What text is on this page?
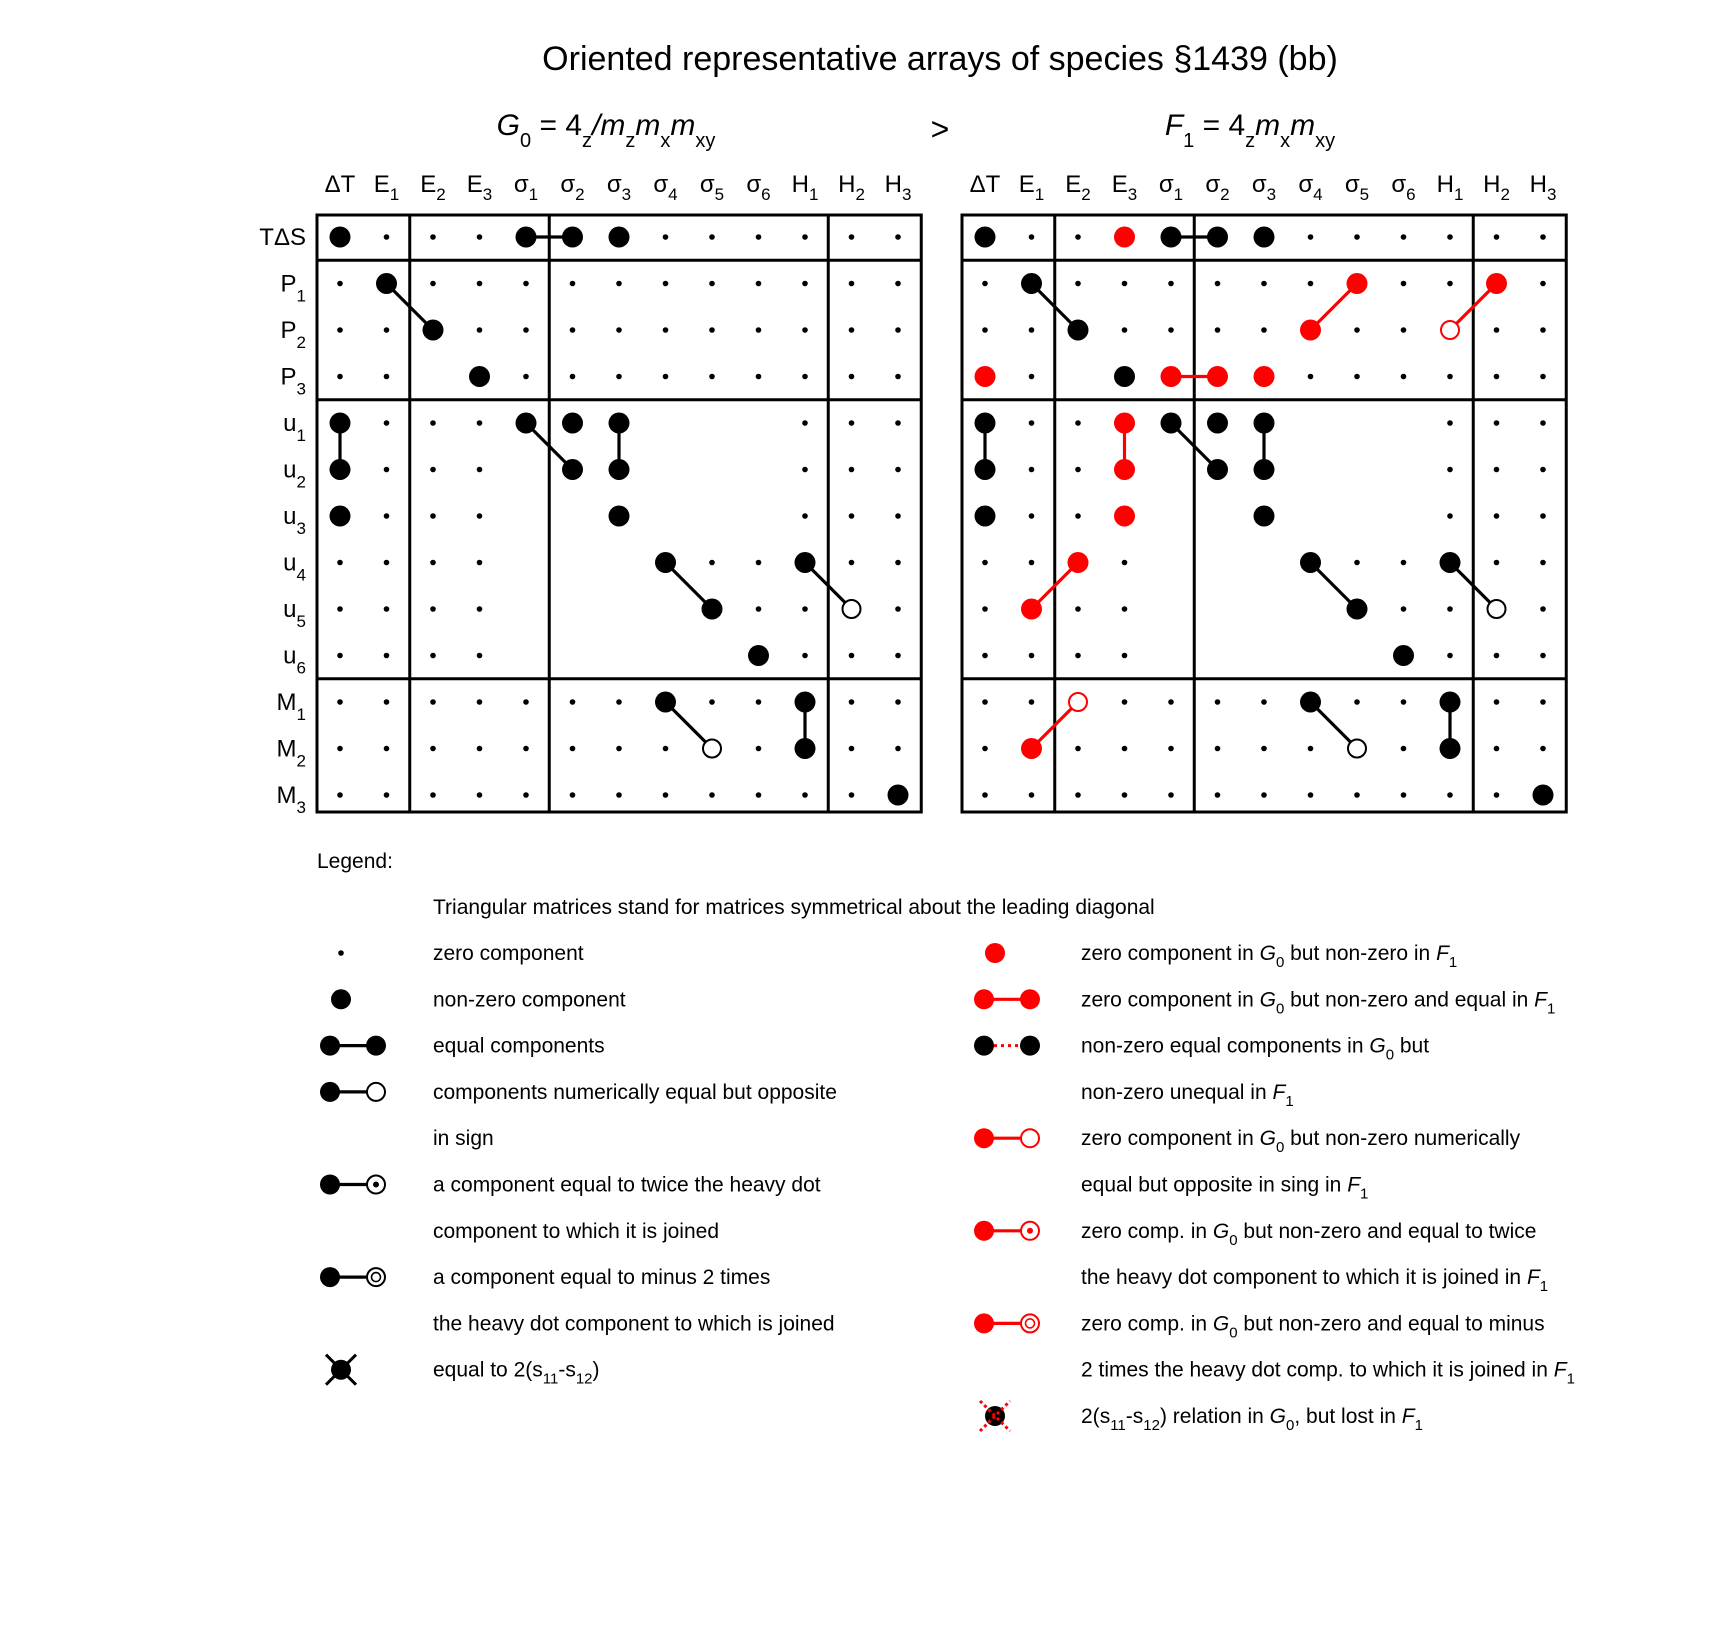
Oriented representative arrays of species §1439 (bb)
$G_0 = 4_z/m_zm_xm_{xy}$	>	$F_1 = 4_zm_xm_{xy}$
ΔT $E_1$ $E_2$ $E_3$ $\sigma_1$ $\sigma_2$ $\sigma_3$ $\sigma_4$ $\sigma_5$ $\sigma_6$ $H_1$ $H_2$ $H_3$
TΔS
$P_1$
$P_2$
$P_3$
$u_1$
$u_2$
$u_3$
$u_4$
$u_5$
$u_6$
$M_1$
$M_2$
$M_3$
ΔT $E_1$ $E_2$ $E_3$ $\sigma_1$ $\sigma_2$ $\sigma_3$ $\sigma_4$ $\sigma_5$ $\sigma_6$ $H_1$ $H_2$ $H_3$
Legend:
Triangular matrices stand for matrices symmetrical about the leading diagonal
zero component
non-zero component
equal components
components numerically equal but opposite
in sign
a component equal to twice the heavy dot
component to which it is joined
a component equal to minus 2 times
the heavy dot component to which is joined
equal to $2(s_{11}-s_{12})$
zero component in $G_0$ but non-zero in $F_1$
zero component in $G_0$ but non-zero and equal in $F_1$
non-zero equal components in $G_0$ but
non-zero unequal in $F_1$
zero component in $G_0$ but non-zero numerically
equal but opposite in sing in $F_1$
zero comp. in $G_0$ but non-zero and equal to twice
the heavy dot component to which it is joined in $F_1$
zero comp. in $G_0$ but non-zero and equal to minus
2 times the heavy dot comp. to which it is joined in $F_1$
$2(s_{11}-s_{12})$ relation in $G_0$, but lost in $F_1$
